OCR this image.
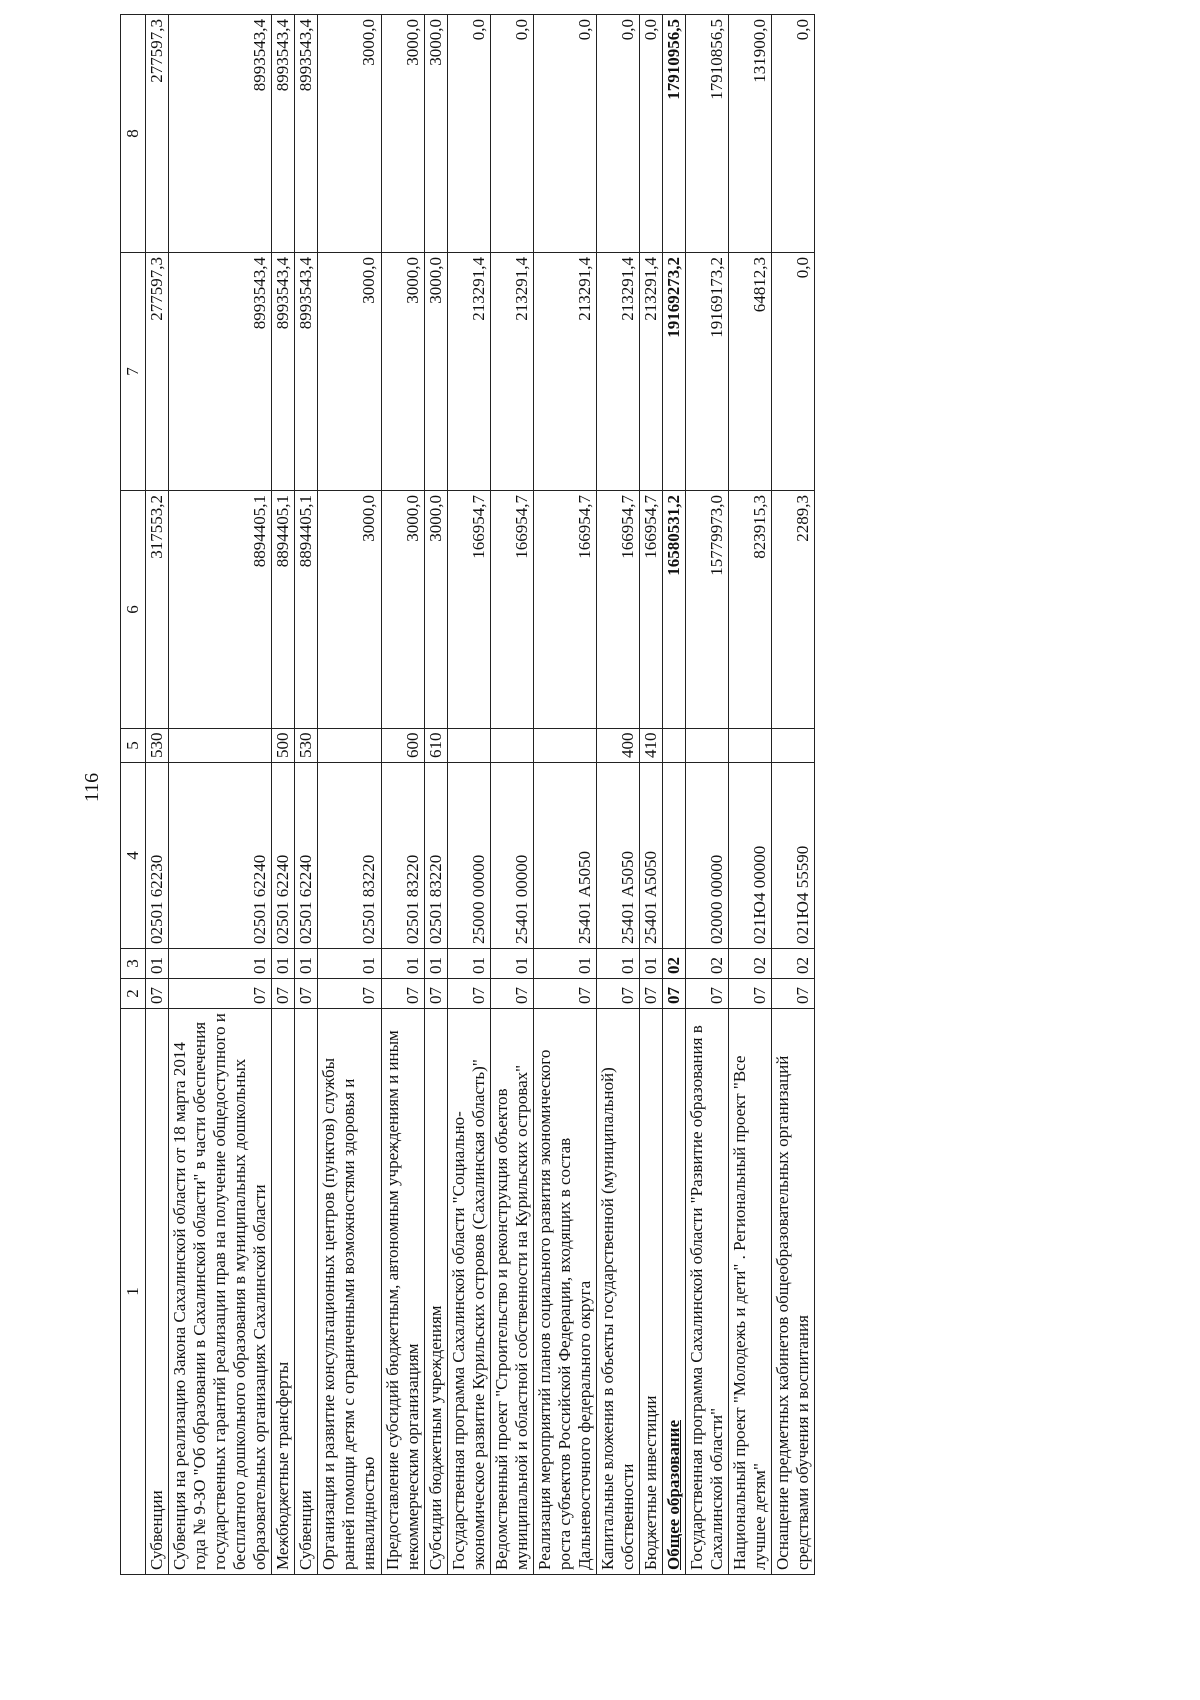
116
1	2	3	4	5	6	7	8
Субвенции	07	01	02501 62230	530	317553,2	277597,3	277597,3
Субвенция на реализацию Закона Сахалинской области от 18 марта 2014 года № 9-ЗО "Об образовании в Сахалинской области" в части обеспечения государственных гарантий реализации прав на получение общедоступного и бесплатного дошкольного образования в муниципальных дошкольных образовательных организациях Сахалинской области	07	01	02501 62240		8894405,1	8993543,4	8993543,4
Межбюджетные трансферты	07	01	02501 62240	500	8894405,1	8993543,4	8993543,4
Субвенции	07	01	02501 62240	530	8894405,1	8993543,4	8993543,4
Организация и развитие консультационных центров (пунктов) службы ранней помощи детям с ограниченными возможностями здоровья и инвалидностью	07	01	02501 83220		3000,0	3000,0	3000,0
Предоставление субсидий бюджетным, автономным учреждениям и иным некоммерческим организациям	07	01	02501 83220	600	3000,0	3000,0	3000,0
Субсидии бюджетным учреждениям	07	01	02501 83220	610	3000,0	3000,0	3000,0
Государственная программа Сахалинской области "Социально-экономическое развитие Курильских островов (Сахалинская область)"	07	01	25000 00000		166954,7	213291,4	0,0
Ведомственный проект "Строительство и реконструкция объектов муниципальной и областной собственности на Курильских островах"	07	01	25401 00000		166954,7	213291,4	0,0
Реализация мероприятий планов социального развития экономического роста субъектов Российской Федерации, входящих в состав Дальневосточного федерального округа	07	01	25401 А5050		166954,7	213291,4	0,0
Капитальные вложения в объекты государственной (муниципальной) собственности	07	01	25401 А5050	400	166954,7	213291,4	0,0
Бюджетные инвестиции	07	01	25401 А5050	410	166954,7	213291,4	0,0
Общее образование	07	02			16580531,2	19169273,2	17910956,5
Государственная программа Сахалинской области "Развитие образования в Сахалинской области"	07	02	02000 00000		15779973,0	19169173,2	17910856,5
Национальный проект "Молодежь и дети" . Региональный проект "Все лучшее детям"	07	02	021Ю4 00000		823915,3	64812,3	131900,0
Оснащение предметных кабинетов общеобразовательных организаций средствами обучения и воспитания	07	02	021Ю4 55590		2289,3	0,0	0,0
